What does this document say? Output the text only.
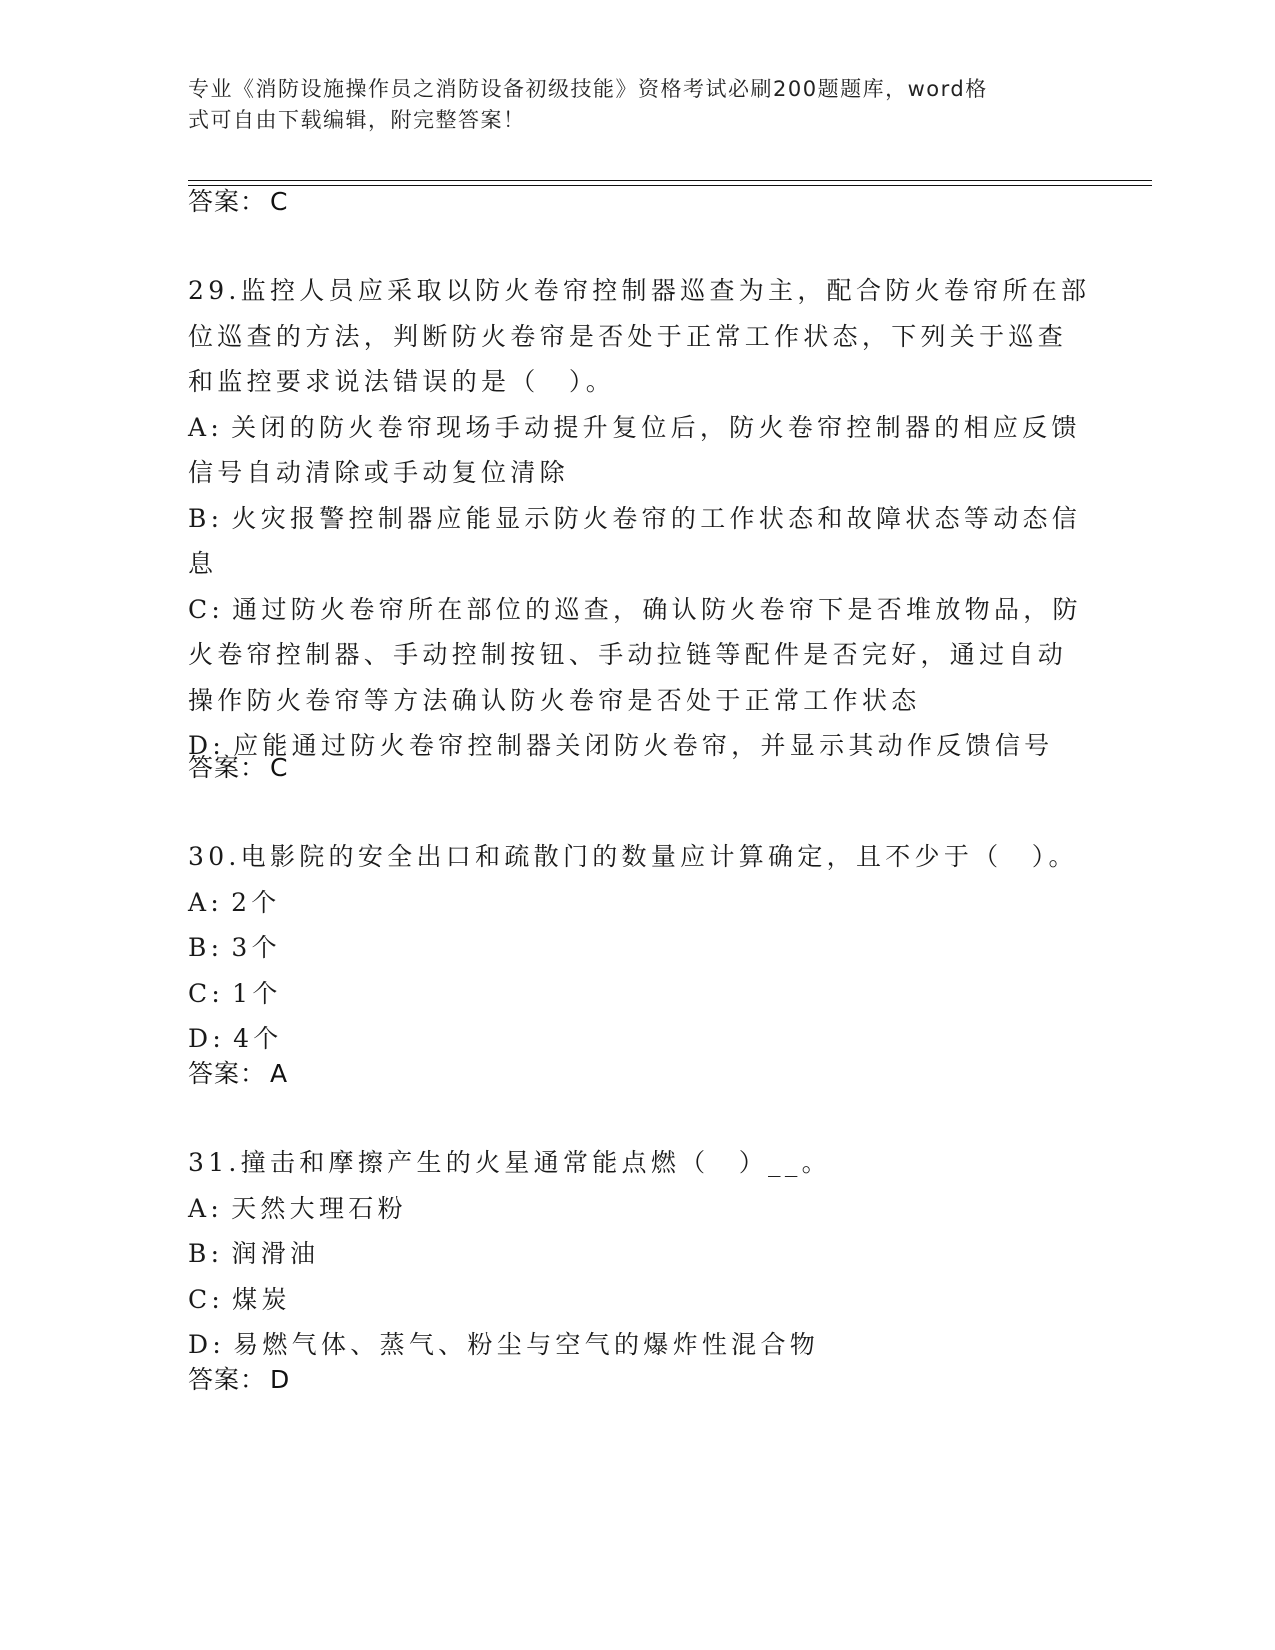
专业《消防设施操作员之消防设备初级技能》资格考试必刷200题题库，word格
式可自由下载编辑，附完整答案！
答案： C

29.监控人员应采取以防火卷帘控制器巡查为主，配合防火卷帘所在部
位巡查的方法，判断防火卷帘是否处于正常工作状态，下列关于巡查
和监控要求说法错误的是（　）。

A: 关闭的防火卷帘现场手动提升复位后，防火卷帘控制器的相应反馈
信号自动清除或手动复位清除
B: 火灾报警控制器应能显示防火卷帘的工作状态和故障状态等动态信
息
C: 通过防火卷帘所在部位的巡查，确认防火卷帘下是否堆放物品，防
火卷帘控制器、手动控制按钮、手动拉链等配件是否完好，通过自动
操作防火卷帘等方法确认防火卷帘是否处于正常工作状态
D: 应能通过防火卷帘控制器关闭防火卷帘，并显示其动作反馈信号
答案： C

30.电影院的安全出口和疏散门的数量应计算确定，且不少于（　）。

A: 2个
B: 3个
C: 1个
D: 4个
答案： A

31.撞击和摩擦产生的火星通常能点燃（　）__。

A: 天然大理石粉
B: 润滑油
C: 煤炭
D: 易燃气体、蒸气、粉尘与空气的爆炸性混合物
答案： D
